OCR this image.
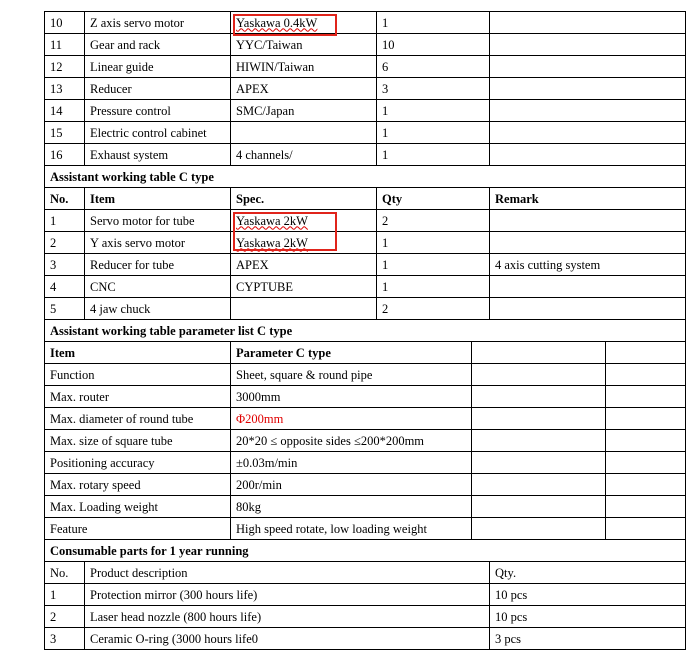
10	Z axis servo motor	Yaskawa 0.4kW	1			
11	Gear and rack	YYC/Taiwan	10			
12	Linear guide	HIWIN/Taiwan	6			
13	Reducer	APEX	3			
14	Pressure control	SMC/Japan	1			
15	Electric control cabinet		1			
16	Exhaust system	4 channels/	1			
Assistant working table C type						
No.	Item	Spec.	Qty		Remark	
1	Servo motor for tube	Yaskawa 2kW	2			
2	Y axis servo motor	Yaskawa 2kW	1			
3	Reducer for tube	APEX	1		4 axis cutting system	
4	CNC	CYPTUBE	1			
5	4 jaw chuck		2			
Assistant working table parameter list C type						
Item		Parameter C type				
Function		Sheet, square & round pipe				
Max. router		3000mm				
Max. diameter of round tube		Φ200mm				
Max. size of square tube		20*20 ≤ opposite sides ≤200*200mm				
Positioning accuracy		±0.03m/min				
Max. rotary speed		200r/min				
Max. Loading weight		80kg				
Feature		High speed rotate, low loading weight				
Consumable parts for 1 year running						
No.	Product description				Qty.	
1	Protection mirror (300 hours life)				10 pcs	
2	Laser head nozzle (800 hours life)				10 pcs	
3	Ceramic O-ring (3000 hours life0				3 pcs	
